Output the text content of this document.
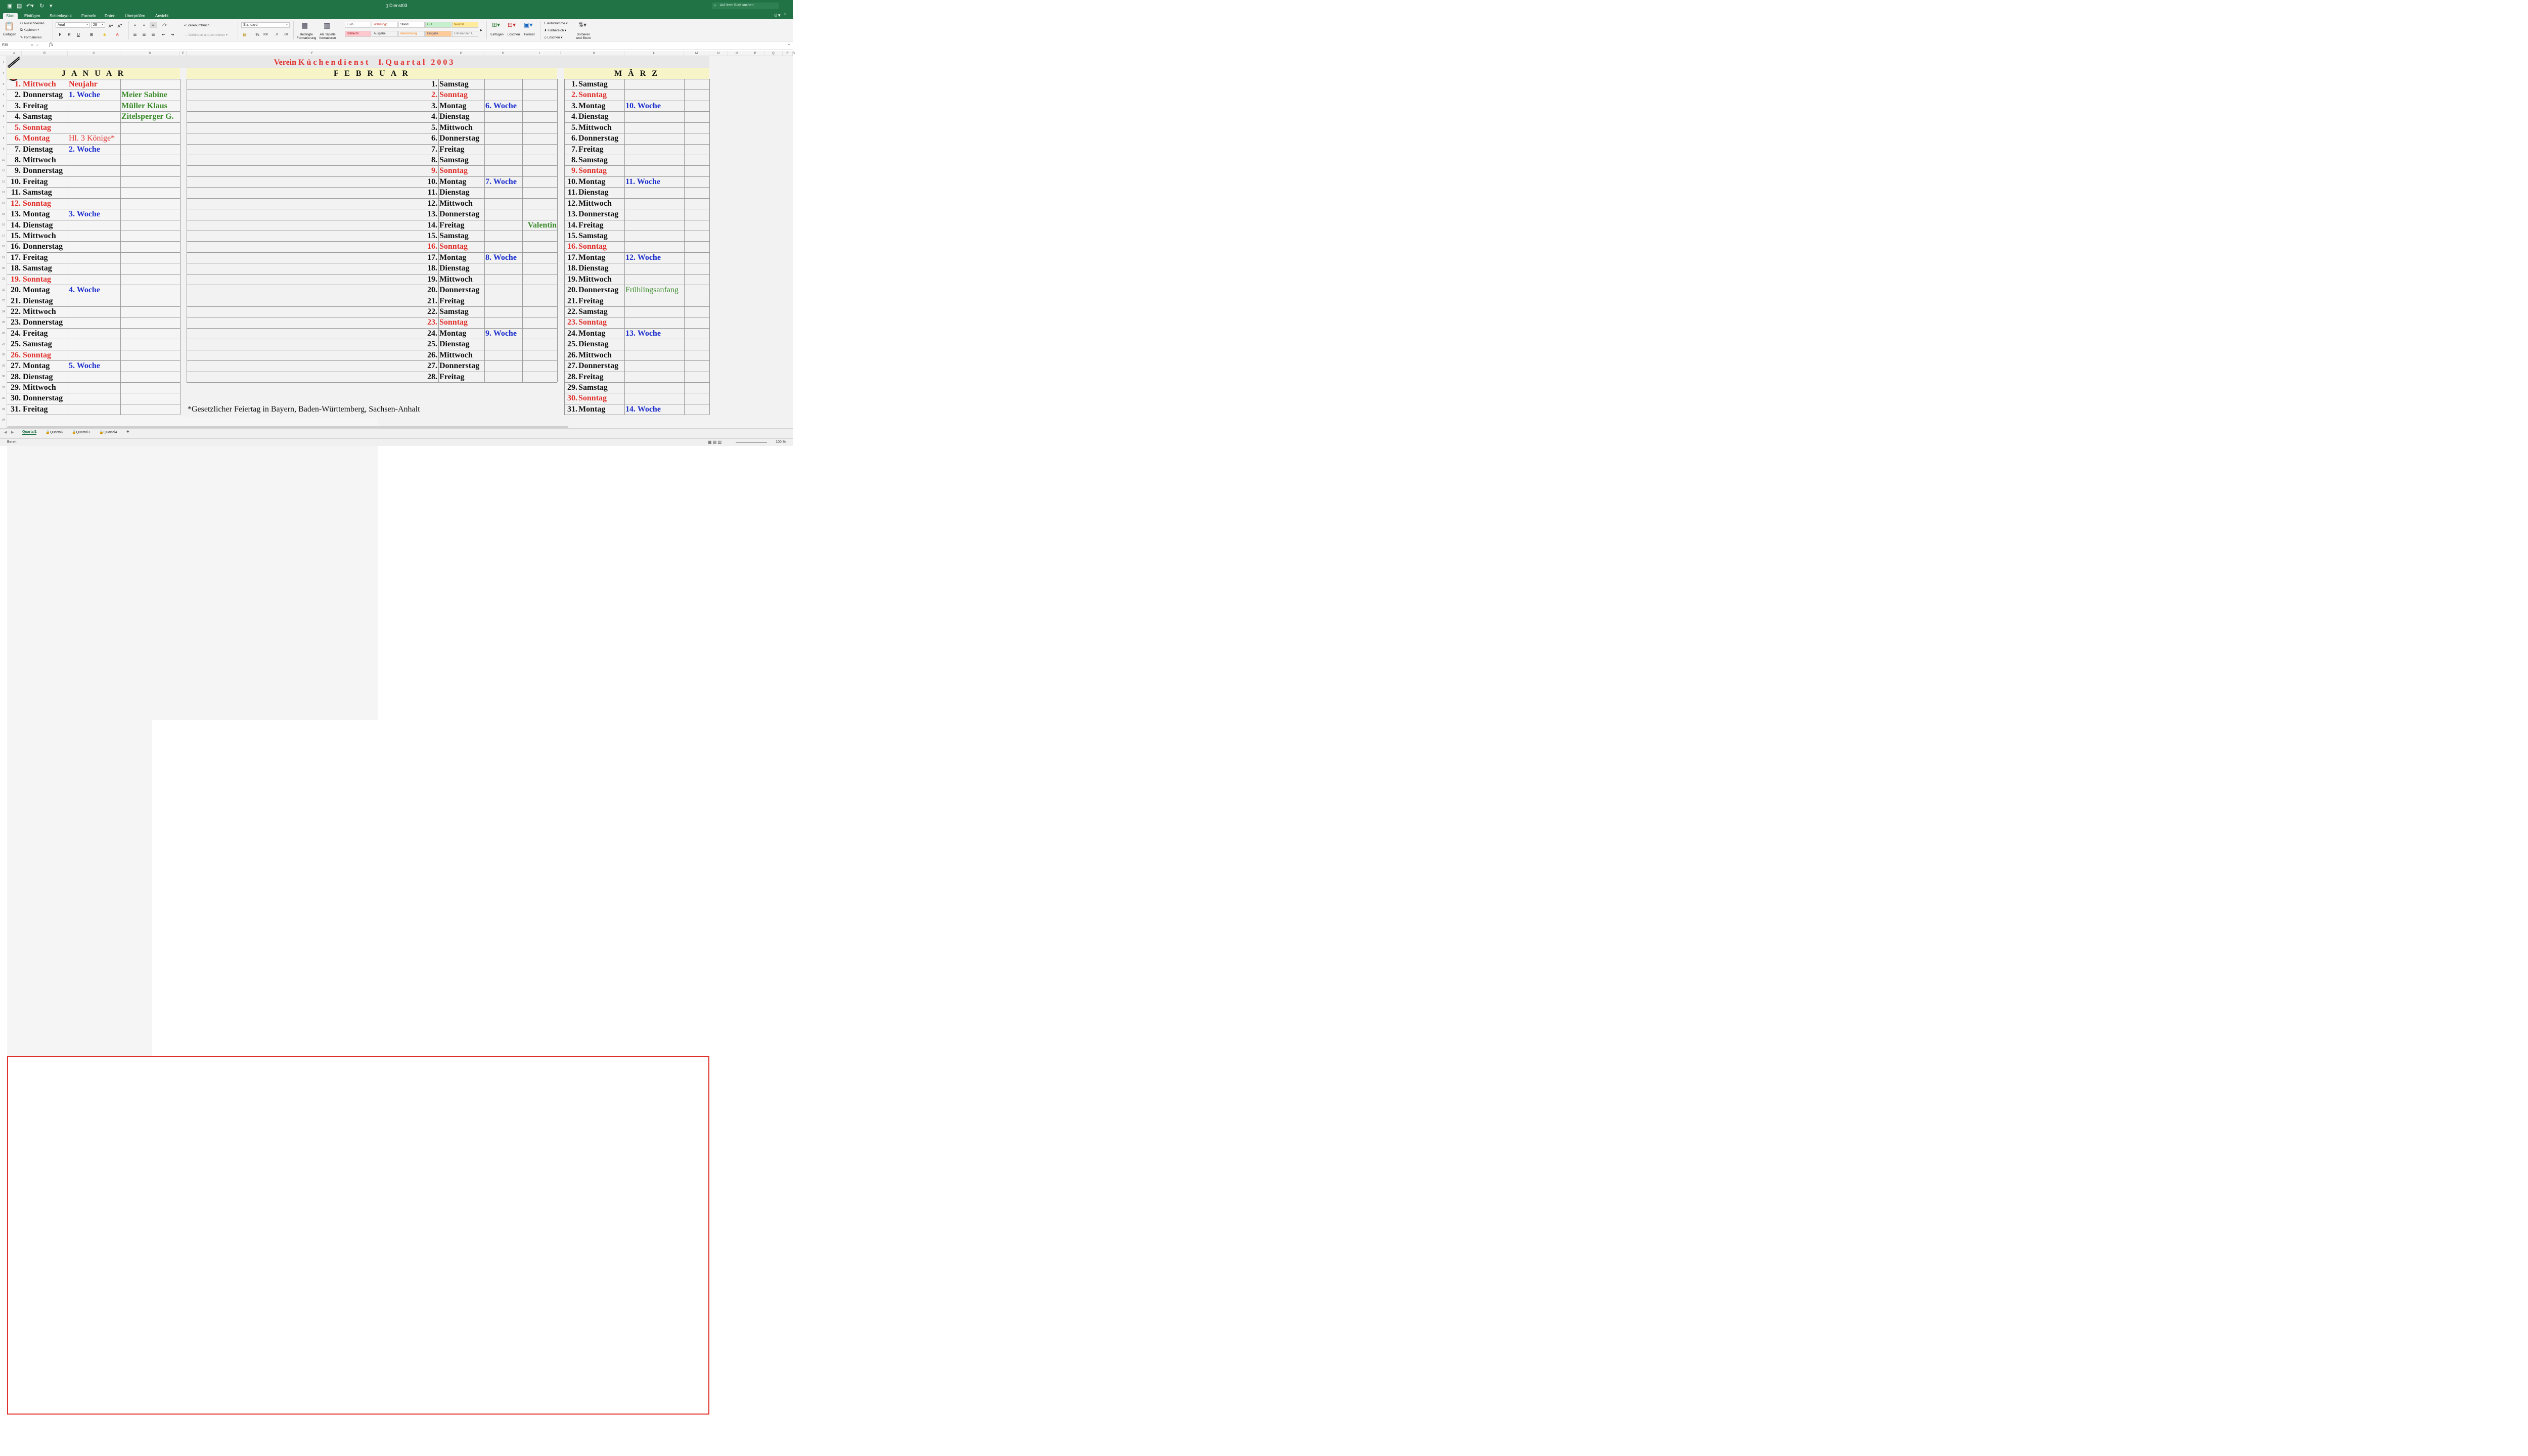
▣ ▤ ↶▾ ↻ ▾	▯ Dienst03	⌕ Auf dem Blatt suchen
Start	Einfügen	Seitenlayout	Formeln	Daten	Überprüfen	Ansicht	☺▾  ⌃
📋
Einfügen
✂ Ausschneiden
⧉ Kopieren ▾
✎ Formatieren
Arial	▼	28 ▼	A▴	A▾
F	K	U	⊞	◈	A
≡	≡	≡	⟋▾
☰	☰	☰	⇤	⇥
↵ Zeilenumbruch
⇔ Verbinden und zentrieren ▾
Standard	▼
▤	%	000	,0	,00
▦
Bedingte Formatierung
▥
Als Tabelle formatieren
Euro	Währung1	Stand.	Gut	Neutral
Schlecht	Ausgabe	Berechnung	Eingabe	Erklärender T...
▸
⊞▾
Einfügen
⊟▾
Löschen
▣▾
Format
Σ AutoSumme ▾
⬇ Füllbereich ▾
◇ Löschen ▾
⇅▾
Sortieren und filtern
F35	✕  ✓ fx	▾
A	B	C	D	E	F	G	H	I	J	K	L	M	N	O	P	Q	R	S
1
2
3
4
5
6
7
8
9
10
11
12
13
14
15
16
17
18
19
20
21
22
23
24
25
26
27
28
29
30
31
32
33
34
Verein K ü c h e n d i e n s t     I. Q u a r t a l   2 0 0 3
J A N U A R	F E B R U A R	M Ä R Z
1. Mittwoch Neujahr
2. Donnerstag 1. Woche	Meier Sabine
3. Freitag	Müller Klaus
4. Samstag	Zitelsperger G.
5. Sonntag
6. Montag Hl. 3 Könige*
7. Dienstag 2. Woche
8. Mittwoch
9. Donnerstag
10. Freitag
11. Samstag
12. Sonntag
13. Montag 3. Woche
14. Dienstag
15. Mittwoch
16. Donnerstag
17. Freitag
18. Samstag
19. Sonntag
20. Montag 4. Woche
21. Dienstag
22. Mittwoch
23. Donnerstag
24. Freitag
25. Samstag
26. Sonntag
27. Montag 5. Woche
28. Dienstag
29. Mittwoch
30. Donnerstag
31. Freitag
1. Samstag
2. Sonntag
3. Montag 6. Woche
4. Dienstag
5. Mittwoch
6. Donnerstag
7. Freitag
8. Samstag
9. Sonntag
10. Montag 7. Woche
11. Dienstag
12. Mittwoch
13. Donnerstag
14. Freitag	Valentin
15. Samstag
16. Sonntag
17. Montag 8. Woche
18. Dienstag
19. Mittwoch
20. Donnerstag
21. Freitag
22. Samstag
23. Sonntag
24. Montag 9. Woche
25. Dienstag
26. Mittwoch
27. Donnerstag
28. Freitag
1. Samstag
2. Sonntag
3. Montag 10. Woche
4. Dienstag
5. Mittwoch
6. Donnerstag
7. Freitag
8. Samstag
9. Sonntag
10. Montag 11. Woche
11. Dienstag
12. Mittwoch
13. Donnerstag
14. Freitag
15. Samstag
16. Sonntag
17. Montag 12. Woche
18. Dienstag
19. Mittwoch
20. Donnerstag Frühlingsanfang
21. Freitag
22. Samstag
23. Sonntag
24. Montag 13. Woche
25. Dienstag
26. Mittwoch
27. Donnerstag
28. Freitag
29. Samstag
30. Sonntag
31. Montag 14. Woche
*Gesetzlicher Feiertag in Bayern, Baden-Württemberg, Sachsen-Anhalt
◀ ▶ Quartal1	🔒Quartal2 🔒Quartal3	🔒Quartal4 +
Bereit	▦ ▤ ▥	100 %
